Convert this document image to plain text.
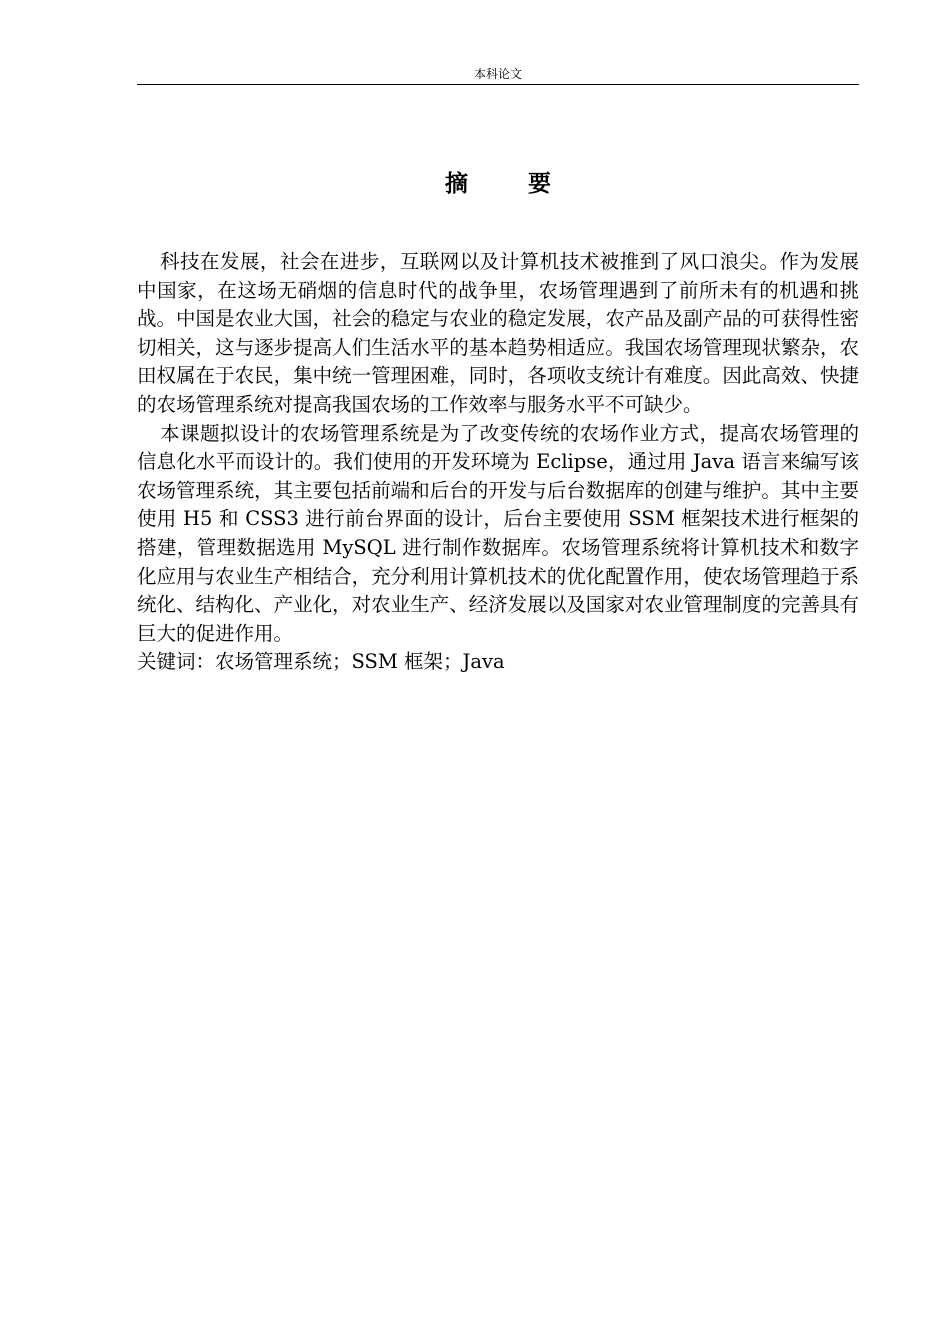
本科论文
摘要

科技在发展，社会在进步，互联网以及计算机技术被推到了风口浪尖。作为发展中国家，在这场无硝烟的信息时代的战争里，农场管理遇到了前所未有的机遇和挑战。中国是农业大国，社会的稳定与农业的稳定发展，农产品及副产品的可获得性密切相关，这与逐步提高人们生活水平的基本趋势相适应。我国农场管理现状繁杂，农田权属在于农民，集中统一管理困难，同时，各项收支统计有难度。因此高效、快捷的农场管理系统对提高我国农场的工作效率与服务水平不可缺少。

本课题拟设计的农场管理系统是为了改变传统的农场作业方式，提高农场管理的信息化水平而设计的。我们使用的开发环境为 Eclipse，通过用 Java 语言来编写该农场管理系统，其主要包括前端和后台的开发与后台数据库的创建与维护。其中主要使用 H5 和 CSS3 进行前台界面的设计，后台主要使用 SSM 框架技术进行框架的搭建，管理数据选用 MySQL 进行制作数据库。农场管理系统将计算机技术和数字化应用与农业生产相结合，充分利用计算机技术的优化配置作用，使农场管理趋于系统化、结构化、产业化，对农业生产、经济发展以及国家对农业管理制度的完善具有巨大的促进作用。

关键词：农场管理系统；SSM 框架；Java
